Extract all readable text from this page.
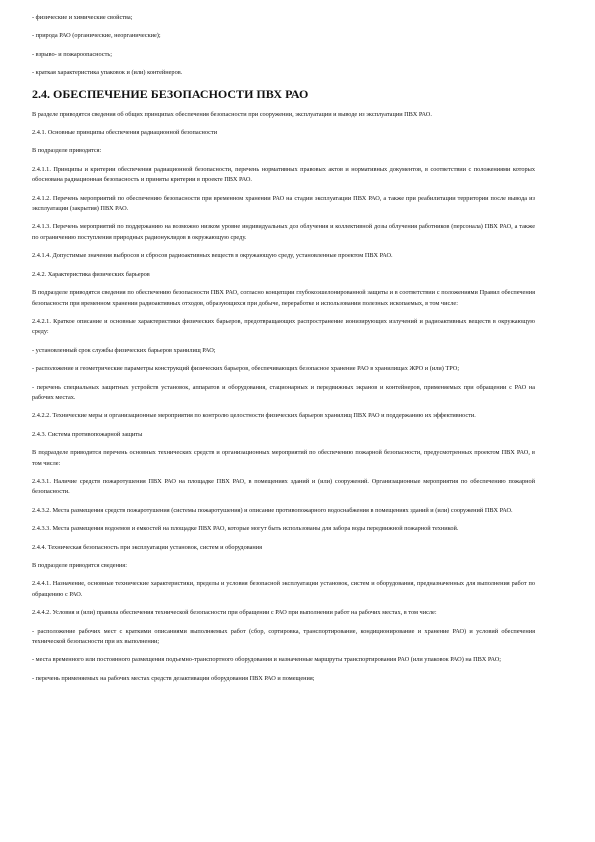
- физические и химические свойства;
- природа РАО (органические, неорганические);
- взрыво- и пожароопасность;
- краткая характеристика упаковок и (или) контейнеров.
2.4. ОБЕСПЕЧЕНИЕ БЕЗОПАСНОСТИ ПВХ РАО
В разделе приводятся сведения об общих принципах обеспечения безопасности при сооружении, эксплуатации и выводе из эксплуатации ПВХ РАО.
2.4.1. Основные принципы обеспечения радиационной безопасности
В подразделе приводятся:
2.4.1.1. Принципы и критерии обеспечения радиационной безопасности, перечень нормативных правовых актов и нормативных документов, в соответствии с положениями которых обоснована радиационная безопасность и приняты критерии в проекте ПВХ РАО.
2.4.1.2. Перечень мероприятий по обеспечению безопасности при временном хранении РАО на стадии эксплуатации ПВХ РАО, а также при реабилитации территории после вывода из эксплуатации (закрытия) ПВХ РАО.
2.4.1.3. Перечень мероприятий по поддержанию на возможно низком уровне индивидуальных доз облучения и коллективной дозы облучения работников (персонала) ПВХ РАО, а также по ограничению поступления природных радионуклидов в окружающую среду.
2.4.1.4. Допустимые значения выбросов и сбросов радиоактивных веществ в окружающую среду, установленные проектом ПВХ РАО.
2.4.2. Характеристика физических барьеров
В подразделе приводятся сведения по обеспечению безопасности ПВХ РАО, согласно концепции глубокоэшелонированной защиты и в соответствии с положениями Правил обеспечения безопасности при временном хранении радиоактивных отходов, образующихся при добыче, переработке и использовании полезных ископаемых, в том числе:
2.4.2.1. Краткое описание и основные характеристики физических барьеров, предотвращающих распространение ионизирующих излучений и радиоактивных веществ в окружающую среду:
- установленный срок службы физических барьеров хранилищ РАО;
- расположение и геометрические параметры конструкций физических барьеров, обеспечивающих безопасное хранение РАО в хранилищах ЖРО и (или) ТРО;
- перечень специальных защитных устройств установок, аппаратов и оборудования, стационарных и передвижных экранов и контейнеров, применяемых при обращении с РАО на рабочих местах.
2.4.2.2. Технические меры и организационные мероприятия по контролю целостности физических барьеров хранилищ ПВХ РАО и поддержанию их эффективности.
2.4.3. Система противопожарной защиты
В подразделе приводится перечень основных технических средств и организационных мероприятий по обеспечению пожарной безопасности, предусмотренных проектом ПВХ РАО, в том числе:
2.4.3.1. Наличие средств пожаротушения ПВХ РАО на площадке ПВХ РАО, в помещениях зданий и (или) сооружений. Организационные мероприятия по обеспечению пожарной безопасности.
2.4.3.2. Места размещения средств пожаротушения (системы пожаротушения) и описание противопожарного водоснабжения в помещениях зданий и (или) сооружений ПВХ РАО.
2.4.3.3. Места размещения водоемов и емкостей на площадке ПВХ РАО, которые могут быть использованы для забора воды передвижной пожарной техникой.
2.4.4. Техническая безопасность при эксплуатации установок, систем и оборудования
В подразделе приводятся сведения:
2.4.4.1. Назначение, основные технические характеристики, пределы и условия безопасной эксплуатации установок, систем и оборудования, предназначенных для выполнения работ по обращению с РАО.
2.4.4.2. Условия и (или) правила обеспечения технической безопасности при обращении с РАО при выполнении работ на рабочих местах, в том числе:
- расположение рабочих мест с краткими описаниями выполняемых работ (сбор, сортировка, транспортирование, кондиционирование и хранение РАО) и условий обеспечения технической безопасности при их выполнении;
- места временного или постоянного размещения подъемно-транспортного оборудования и назначенные маршруты транспортирования РАО (или упаковок РАО) на ПВХ РАО;
- перечень применяемых на рабочих местах средств дезактивации оборудования ПВХ РАО и помещения;
